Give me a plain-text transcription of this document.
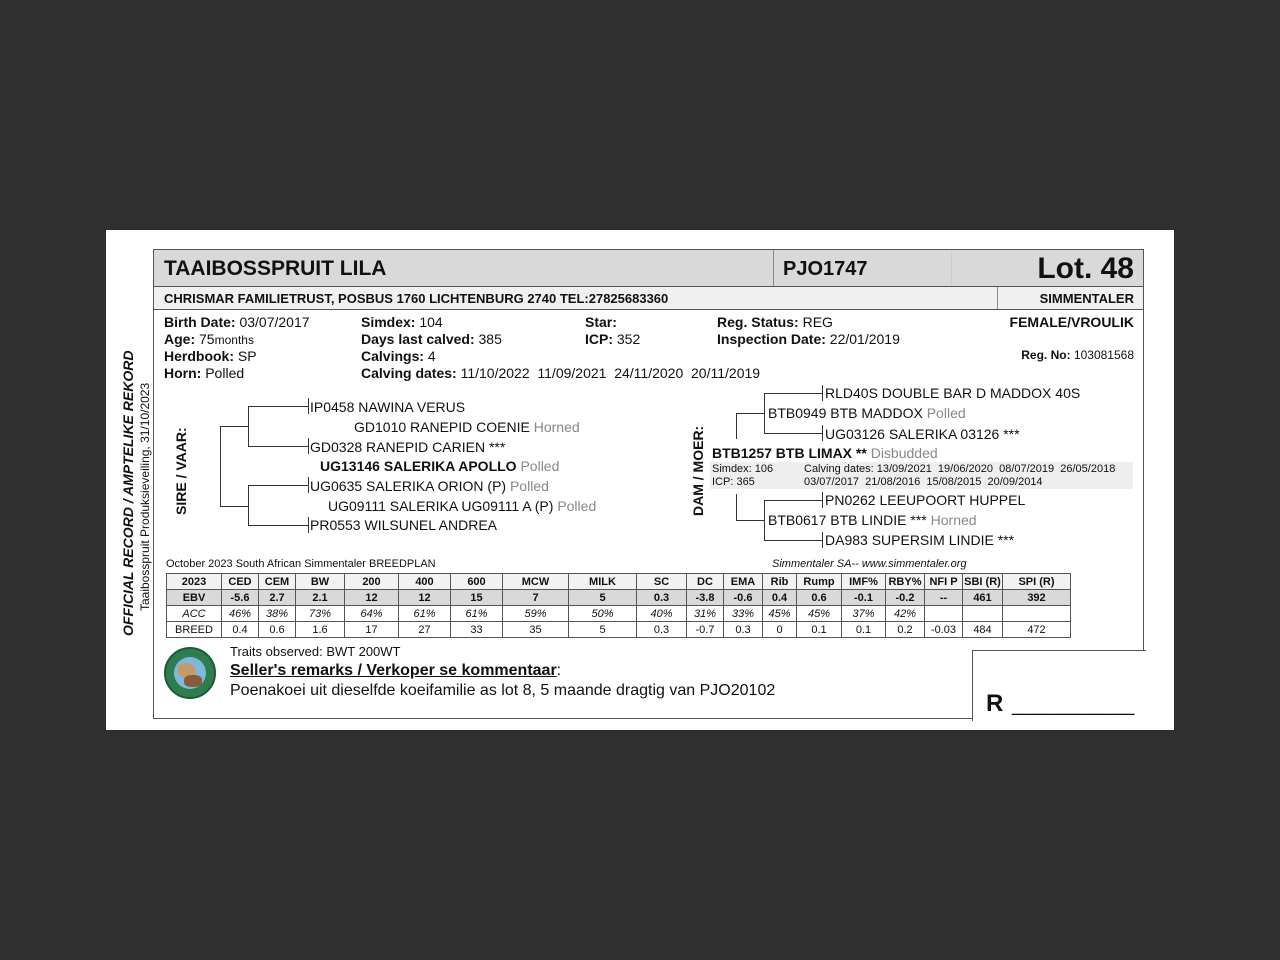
OFFICIAL RECORD / AMPTELIKE REKORD Taaibosspruit Produksieveiling, 31/10/2023
TAAIBOSSPRUIT LILA	PJO1747	Lot. 48
CHRISMAR FAMILIETRUST, POSBUS 1760 LICHTENBURG 2740 TEL:27825683360	SIMMENTALER
Birth Date: 03/07/2017
Age: 75months
Herdbook: SP
Horn: Polled
Simdex: 104
Days last calved: 385
Calvings: 4
Calving dates: 11/10/2022  11/09/2021  24/11/2020  20/11/2019
Star:
ICP: 352
Reg. Status: REG
Inspection Date: 22/01/2019
FEMALE/VROULIK
Reg. No: 103081568
SIRE / VAAR:
IP0458 NAWINA VERUS
GD1010 RANEPID COENIE Horned
GD0328 RANEPID CARIEN ***
UG13146 SALERIKA APOLLO Polled
UG0635 SALERIKA ORION (P) Polled
UG09111 SALERIKA UG09111 A (P) Polled
PR0553 WILSUNEL ANDREA
DAM / MOER:
RLD40S DOUBLE BAR D MADDOX 40S
BTB0949 BTB MADDOX Polled
UG03126 SALERIKA 03126 ***
BTB1257 BTB LIMAX ** Disbudded
Simdex: 106
ICP: 365
Calving dates: 13/09/2021  19/06/2020  08/07/2019  26/05/2018
03/07/2017  21/08/2016  15/08/2015  20/09/2014
PN0262 LEEUPOORT HUPPEL
BTB0617 BTB LINDIE *** Horned
DA983 SUPERSIM LINDIE ***
October 2023 South African Simmentaler BREEDPLAN	Simmentaler SA-- www.simmentaler.org
2023	CED	CEM	BW	200	400	600	MCW	MILK	SC	DC	EMA	Rib	Rump	IMF%	RBY%	NFI P	SBI (R)	SPI (R)
EBV	-5.6	2.7	2.1	12	12	15	7	5	0.3	-3.8	-0.6	0.4	0.6	-0.1	-0.2	--	461	392
ACC	46%	38%	73%	64%	61%	61%	59%	50%	40%	31%	33%	45%	45%	37%	42%			
BREED	0.4	0.6	1.6	17	27	33	35	5	0.3	-0.7	0.3	0	0.1	0.1	0.2	-0.03	484	472
Traits observed: BWT 200WT
Seller's remarks / Verkoper se kommentaar:
Poenakoei uit dieselfde koeifamilie as lot 8, 5 maande dragtig van PJO20102	R ___________
